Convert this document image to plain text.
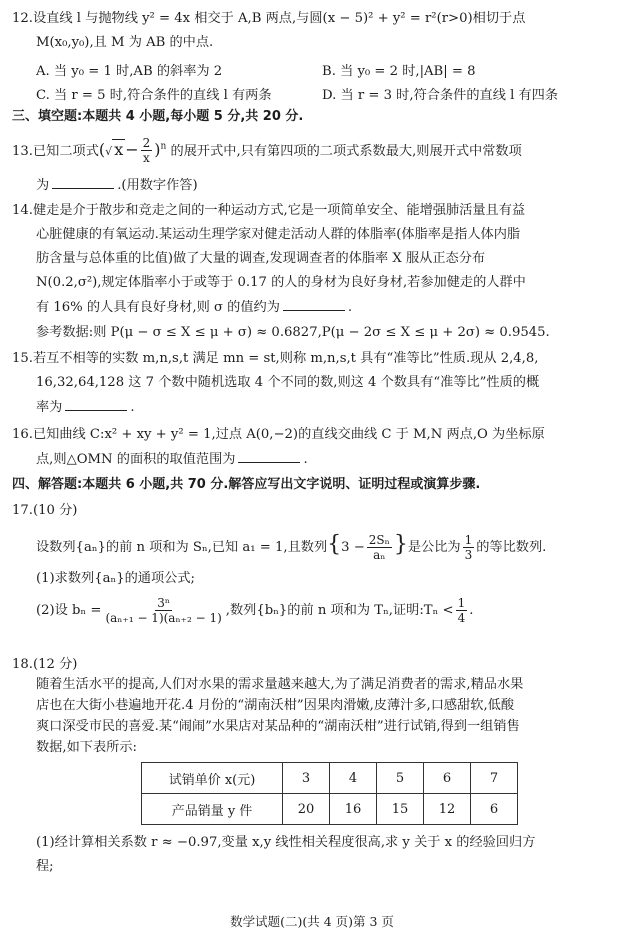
12.设直线 l 与抛物线 y² = 4x 相交于 A,B 两点,与圆(x − 5)² + y² = r²(r>0)相切于点
M(x₀,y₀),且 M 为 AB 的中点.
A. 当 y₀ = 1 时,AB 的斜率为 2	B. 当 y₀ = 2 时,|AB| = 8
C. 当 r = 5 时,符合条件的直线 l 有两条	D. 当 r = 3 时,符合条件的直线 l 有四条
三、填空题:本题共 4 小题,每小题 5 分,共 20 分.
13.已知二项式(√ $x - \frac{2}{x} )^n$ 的展开式中,只有第四项的二项式系数最大,则展开式中常数项
为	.(用数字作答)
14.健走是介于散步和竞走之间的一种运动方式,它是一项简单安全、能增强肺活量且有益
心脏健康的有氧运动.某运动生理学家对健走活动人群的体脂率(体脂率是指人体内脂
肪含量与总体重的比值)做了大量的调查,发现调查者的体脂率 X 服从正态分布
N(0.2,σ²),规定体脂率小于或等于 0.17 的人的身材为良好身材,若参加健走的人群中
有 16% 的人具有良好身材,则 σ 的值约为	.
参考数据:则 P(μ − σ ≤ X ≤ μ + σ) ≈ 0.6827,P(μ − 2σ ≤ X ≤ μ + 2σ) ≈ 0.9545.
15.若互不相等的实数 m,n,s,t 满足 mn = st,则称 m,n,s,t 具有“准等比”性质.现从 2,4,8,
16,32,64,128 这 7 个数中随机选取 4 个不同的数,则这 4 个数具有“准等比”性质的概
率为	.
16.已知曲线 C:x² + xy + y² = 1,过点 A(0,−2)的直线交曲线 C 于 M,N 两点,O 为坐标原
点,则△OMN 的面积的取值范围为	.
四、解答题:本题共 6 小题,共 70 分.解答应写出文字说明、证明过程或演算步骤.
17.(10 分)
设数列{aₙ}的前 n 项和为 Sₙ,已知 a₁ = 1,且数列{$3 - \frac{\text{2Sₙ}}{\text{aₙ}}$ }是公比为 $\frac{1}{3}$ 的等比数列.
(1)求数列{aₙ}的通项公式;
(2)设 $b_n = \frac{\text{3ⁿ}}{\text{(aₙ₊₁ − 1)(aₙ₊₂ − 1)}}$ ,数列{bₙ}的前 n 项和为 Tₙ,证明:Tₙ < $\frac{1}{4}$ .
18.(12 分)
随着生活水平的提高,人们对水果的需求量越来越大,为了满足消费者的需求,精品水果
店也在大街小巷遍地开花.4 月份的“湖南沃柑”因果肉滑嫩,皮薄汁多,口感甜软,低酸
爽口深受市民的喜爱.某“闹闹”水果店对某品种的“湖南沃柑”进行试销,得到一组销售
试销单价 x(元)	3	4	5	6	7
产品销量 y 件	20	16	15	12	6
(1)经计算相关系数 r ≈ −0.97,变量 x,y 线性相关程度很高,求 y 关于 x 的经验回归方
程;
数学试题(二)(共 4 页)第 3 页
数据,如下表所示:
